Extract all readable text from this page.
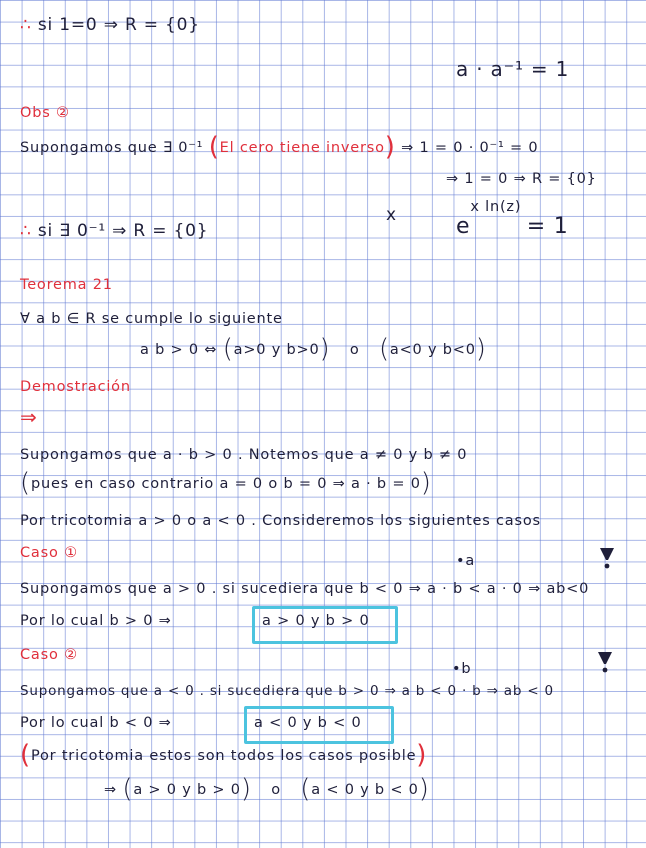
∴ si 1=0 ⇒ R = {0}
a · a⁻¹ = 1
Obs ②
Supongamos que ∃ 0⁻¹ (El cero tiene inverso) ⇒ 1 = 0 · 0⁻¹ = 0
⇒ 1 = 0 ⇒ R = {0}
∴ si ∃ 0⁻¹ ⇒ R = {0}
x	ex ln(z) = 1
Teorema 21
∀ a b ∈ R se cumple lo siguiente
a b > 0 ⇔ (a>0 y b>0) o (a<0 y b<0)
Demostración
⇒
Supongamos que a · b > 0 . Notemos que a ≠ 0 y b ≠ 0
(pues en caso contrario a = 0 o b = 0 ⇒ a · b = 0)
Por tricotomia a > 0 o a < 0 . Consideremos los siguientes casos
Caso ①	•a
Supongamos que a > 0 . si sucediera que b < 0 ⇒ a · b < a · 0 ⇒ ab<0
Por lo cual b > 0 ⇒	a > 0 y b > 0
Caso ②
•b
Supongamos que a < 0 . si sucediera que b > 0 ⇒ a b < 0 · b ⇒ ab < 0
Por lo cual b < 0 ⇒	a < 0 y b < 0
(Por tricotomia estos son todos los casos posible)
⇒ (a > 0 y b > 0) o (a < 0 y b < 0)
